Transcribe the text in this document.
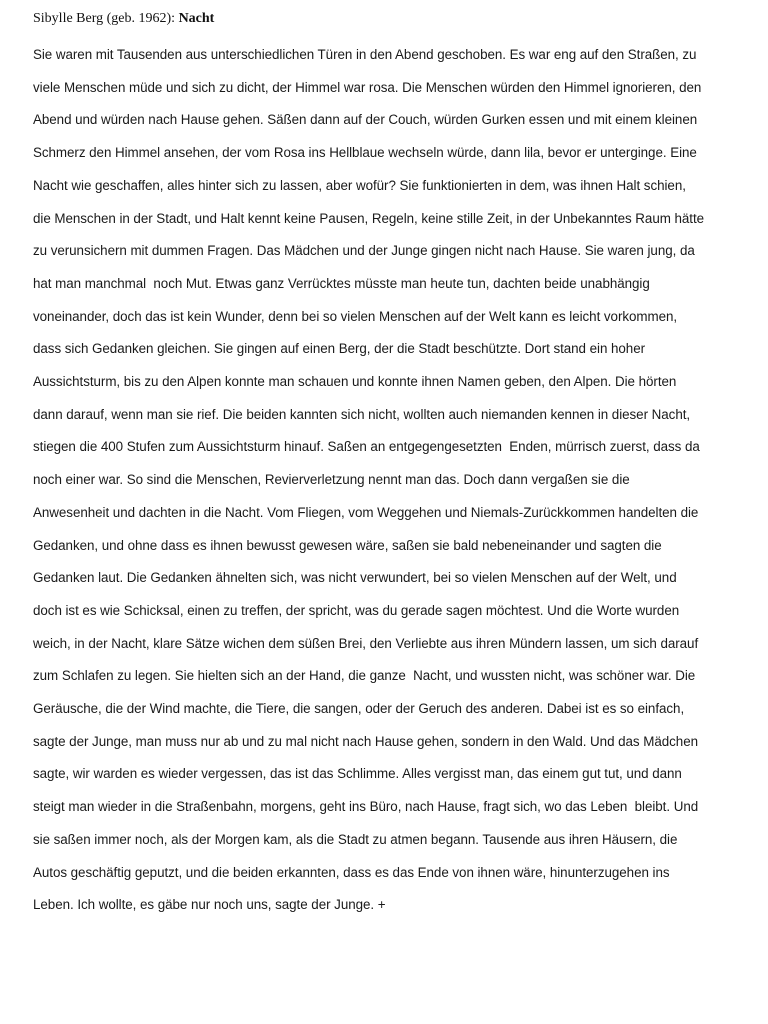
Sibylle Berg (geb. 1962): Nacht
Sie waren mit Tausenden aus unterschiedlichen Türen in den Abend geschoben. Es war eng auf den Straßen, zu
viele Menschen müde und sich zu dicht, der Himmel war rosa. Die Menschen würden den Himmel ignorieren, den
Abend und würden nach Hause gehen. Säßen dann auf der Couch, würden Gurken essen und mit einem kleinen
Schmerz den Himmel ansehen, der vom Rosa ins Hellblaue wechseln würde, dann lila, bevor er unterginge. Eine
Nacht wie geschaffen, alles hinter sich zu lassen, aber wofür? Sie funktionierten in dem, was ihnen Halt schien,
die Menschen in der Stadt, und Halt kennt keine Pausen, Regeln, keine stille Zeit, in der Unbekanntes Raum hätte
zu verunsichern mit dummen Fragen. Das Mädchen und der Junge gingen nicht nach Hause. Sie waren jung, da
hat man manchmal  noch Mut. Etwas ganz Verrücktes müsste man heute tun, dachten beide unabhängig
voneinander, doch das ist kein Wunder, denn bei so vielen Menschen auf der Welt kann es leicht vorkommen,
dass sich Gedanken gleichen. Sie gingen auf einen Berg, der die Stadt beschützte. Dort stand ein hoher
Aussichtsturm, bis zu den Alpen konnte man schauen und konnte ihnen Namen geben, den Alpen. Die hörten
dann darauf, wenn man sie rief. Die beiden kannten sich nicht, wollten auch niemanden kennen in dieser Nacht,
stiegen die 400 Stufen zum Aussichtsturm hinauf. Saßen an entgegengesetzten  Enden, mürrisch zuerst, dass da
noch einer war. So sind die Menschen, Revierverletzung nennt man das. Doch dann vergaßen sie die
Anwesenheit und dachten in die Nacht. Vom Fliegen, vom Weggehen und Niemals-Zurückkommen handelten die
Gedanken, und ohne dass es ihnen bewusst gewesen wäre, saßen sie bald nebeneinander und sagten die
Gedanken laut. Die Gedanken ähnelten sich, was nicht verwundert, bei so vielen Menschen auf der Welt, und
doch ist es wie Schicksal, einen zu treffen, der spricht, was du gerade sagen möchtest. Und die Worte wurden
weich, in der Nacht, klare Sätze wichen dem süßen Brei, den Verliebte aus ihren Mündern lassen, um sich darauf
zum Schlafen zu legen. Sie hielten sich an der Hand, die ganze  Nacht, und wussten nicht, was schöner war. Die
Geräusche, die der Wind machte, die Tiere, die sangen, oder der Geruch des anderen. Dabei ist es so einfach,
sagte der Junge, man muss nur ab und zu mal nicht nach Hause gehen, sondern in den Wald. Und das Mädchen
sagte, wir warden es wieder vergessen, das ist das Schlimme. Alles vergisst man, das einem gut tut, und dann
steigt man wieder in die Straßenbahn, morgens, geht ins Büro, nach Hause, fragt sich, wo das Leben  bleibt. Und
sie saßen immer noch, als der Morgen kam, als die Stadt zu atmen begann. Tausende aus ihren Häusern, die
Autos geschäftig geputzt, und die beiden erkannten, dass es das Ende von ihnen wäre, hinunterzugehen ins
Leben. Ich wollte, es gäbe nur noch uns, sagte der Junge. +
